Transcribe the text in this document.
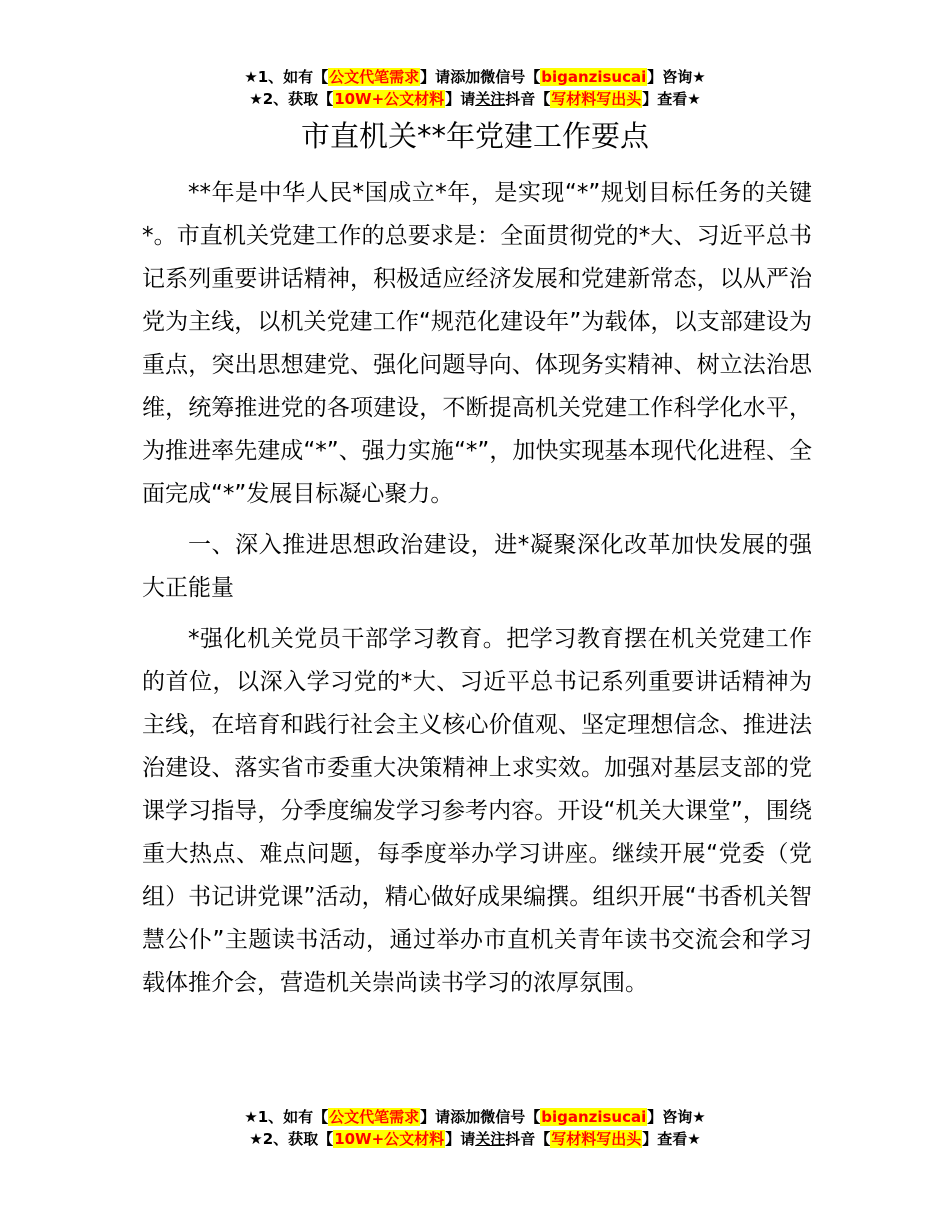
★1、如有【公文代笔需求】请添加微信号【biganzisucai】咨询★
★2、获取【10W+公文材料】请关注抖音【写材料写出头】查看★
市直机关**年党建工作要点

**年是中华人民*国成立*年，是实现“*”规划目标任务的关键*。市直机关党建工作的总要求是：全面贯彻党的*大、习近平总书记系列重要讲话精神，积极适应经济发展和党建新常态，以从严治党为主线，以机关党建工作“规范化建设年”为载体，以支部建设为重点，突出思想建党、强化问题导向、体现务实精神、树立法治思维，统筹推进党的各项建设，不断提高机关党建工作科学化水平，为推进率先建成“*”、强力实施“*”，加快实现基本现代化进程、全面完成“*”发展目标凝心聚力。

一、深入推进思想政治建设，进*凝聚深化改革加快发展的强大正能量

*强化机关党员干部学习教育。把学习教育摆在机关党建工作的首位，以深入学习党的*大、习近平总书记系列重要讲话精神为主线，在培育和践行社会主义核心价值观、坚定理想信念、推进法治建设、落实省市委重大决策精神上求实效。加强对基层支部的党课学习指导，分季度编发学习参考内容。开设“机关大课堂”，围绕重大热点、难点问题，每季度举办学习讲座。继续开展“党委（党组）书记讲党课”活动，精心做好成果编撰。组织开展“书香机关智慧公仆”主题读书活动，通过举办市直机关青年读书交流会和学习载体推介会，营造机关崇尚读书学习的浓厚氛围。

★1、如有【公文代笔需求】请添加微信号【biganzisucai】咨询★
★2、获取【10W+公文材料】请关注抖音【写材料写出头】查看★
